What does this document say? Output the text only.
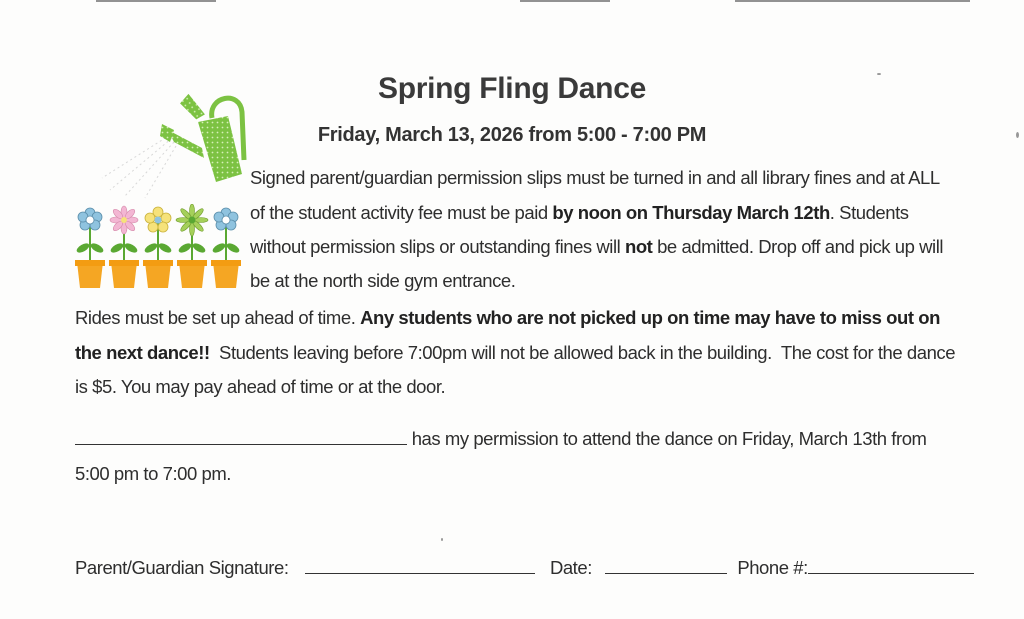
Spring Fling Dance
Friday, March 13, 2026 from 5:00 - 7:00 PM
Signed parent/guardian permission slips must be turned in and all library fines and at ALL
of the student activity fee must be paid by noon on Thursday March 12th. Students
without permission slips or outstanding fines will not be admitted. Drop off and pick up will
be at the north side gym entrance.
Rides must be set up ahead of time. Any students who are not picked up on time may have to miss out on
the next dance!!  Students leaving before 7:00pm will not be allowed back in the building.  The cost for the dance
is $5. You may pay ahead of time or at the door.
has my permission to attend the dance on Friday, March 13th from
5:00 pm to 7:00 pm.
Parent/Guardian Signature:	Date:	Phone #:
